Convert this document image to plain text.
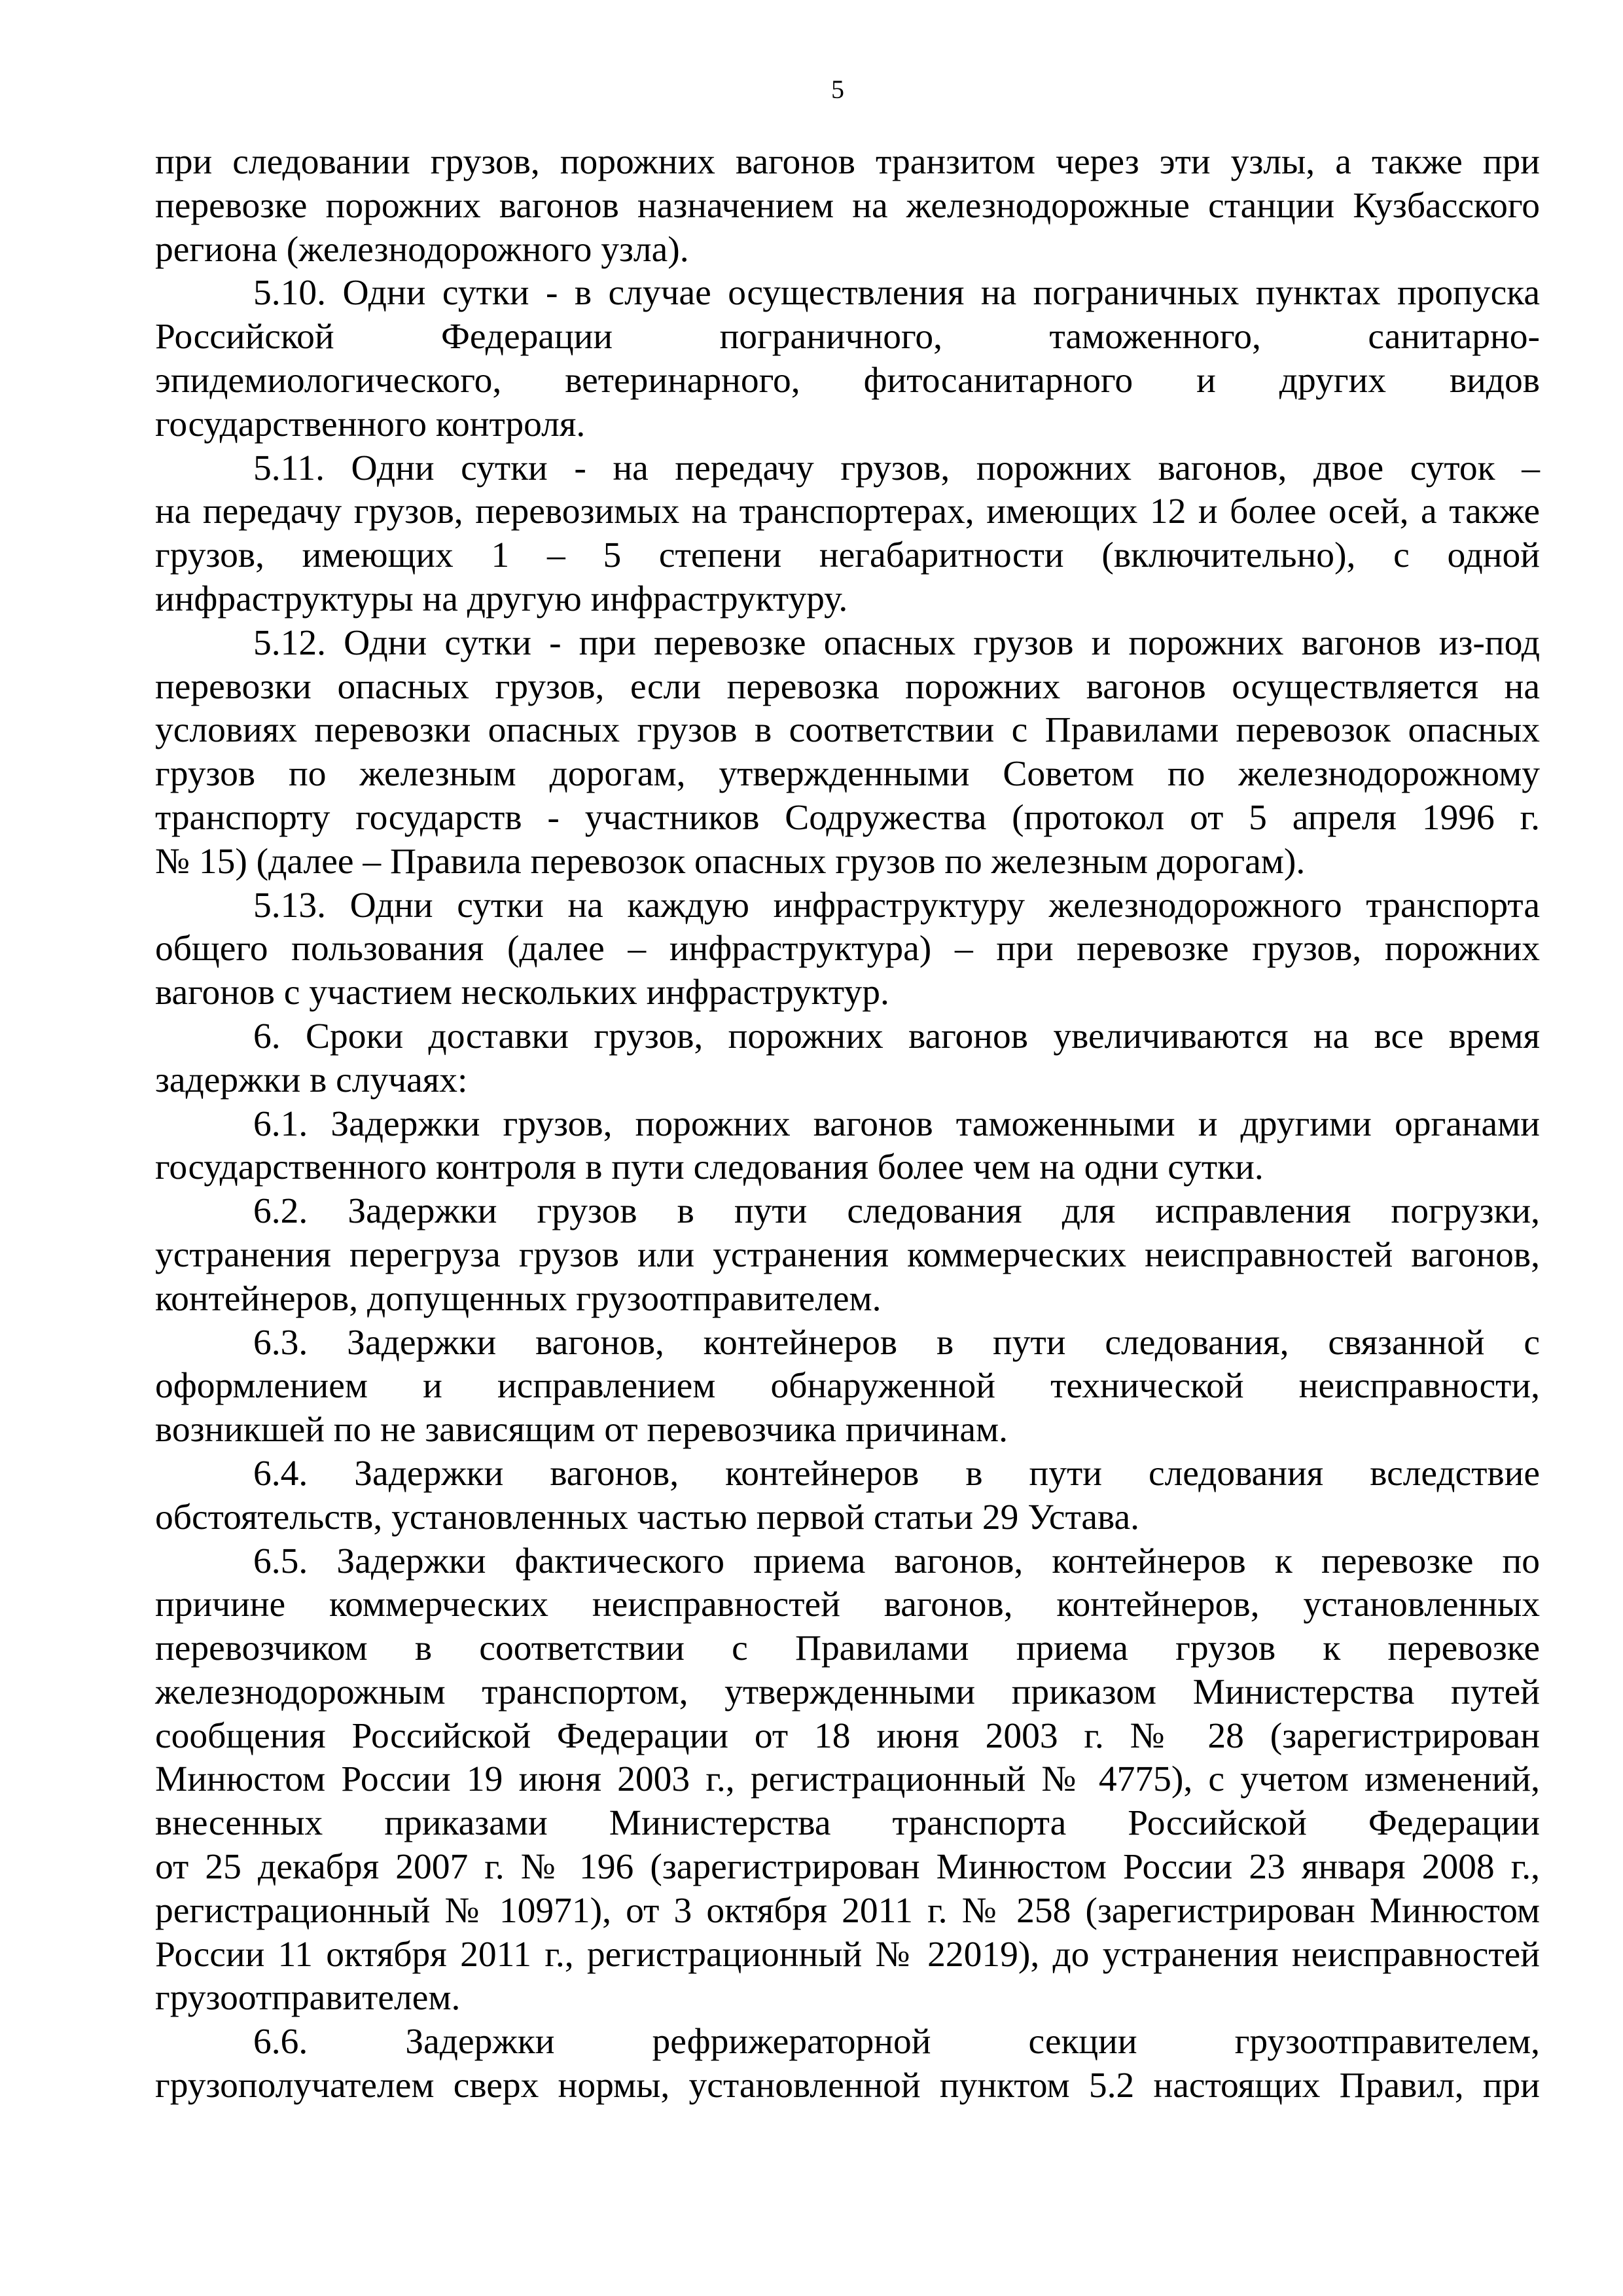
5
при следовании грузов, порожних вагонов транзитом через эти узлы, а также при
перевозке порожних вагонов назначением на железнодорожные станции Кузбасского
региона (железнодорожного узла).
5.10. Одни сутки - в случае осуществления на пограничных пунктах пропуска
Российской Федерации пограничного, таможенного, санитарно-
эпидемиологического, ветеринарного, фитосанитарного и других видов
государственного контроля.
5.11. Одни сутки - на передачу грузов, порожних вагонов, двое суток –
на передачу грузов, перевозимых на транспортерах, имеющих 12 и более осей, а также
грузов, имеющих 1 – 5 степени негабаритности (включительно), с одной
инфраструктуры на другую инфраструктуру.
5.12. Одни сутки - при перевозке опасных грузов и порожних вагонов из-под
перевозки опасных грузов, если перевозка порожних вагонов осуществляется на
условиях перевозки опасных грузов в соответствии с Правилами перевозок опасных
грузов по железным дорогам, утвержденными Советом по железнодорожному
транспорту государств - участников Содружества (протокол от 5 апреля 1996 г.
№ 15) (далее – Правила перевозок опасных грузов по железным дорогам).
5.13. Одни сутки на каждую инфраструктуру железнодорожного транспорта
общего пользования (далее – инфраструктура) – при перевозке грузов, порожних
вагонов с участием нескольких инфраструктур.
6. Сроки доставки грузов, порожних вагонов увеличиваются на все время
задержки в случаях:
6.1. Задержки грузов, порожних вагонов таможенными и другими органами
государственного контроля в пути следования более чем на одни сутки.
6.2. Задержки грузов в пути следования для исправления погрузки,
устранения перегруза грузов или устранения коммерческих неисправностей вагонов,
контейнеров, допущенных грузоотправителем.
6.3. Задержки вагонов, контейнеров в пути следования, связанной с
оформлением и исправлением обнаруженной технической неисправности,
возникшей по не зависящим от перевозчика причинам.
6.4. Задержки вагонов, контейнеров в пути следования вследствие
обстоятельств, установленных частью первой статьи 29 Устава.
6.5. Задержки фактического приема вагонов, контейнеров к перевозке по
причине коммерческих неисправностей вагонов, контейнеров, установленных
перевозчиком в соответствии с Правилами приема грузов к перевозке
железнодорожным транспортом, утвержденными приказом Министерства путей
сообщения Российской Федерации от 18 июня 2003 г. № 28 (зарегистрирован
Минюстом России 19 июня 2003 г., регистрационный № 4775), с учетом изменений,
внесенных приказами Министерства транспорта Российской Федерации
от 25 декабря 2007 г. № 196 (зарегистрирован Минюстом России 23 января 2008 г.,
регистрационный № 10971), от 3 октября 2011 г. № 258 (зарегистрирован Минюстом
России 11 октября 2011 г., регистрационный № 22019), до устранения неисправностей
грузоотправителем.
6.6. Задержки рефрижераторной секции грузоотправителем,
грузополучателем сверх нормы, установленной пунктом 5.2 настоящих Правил, при
